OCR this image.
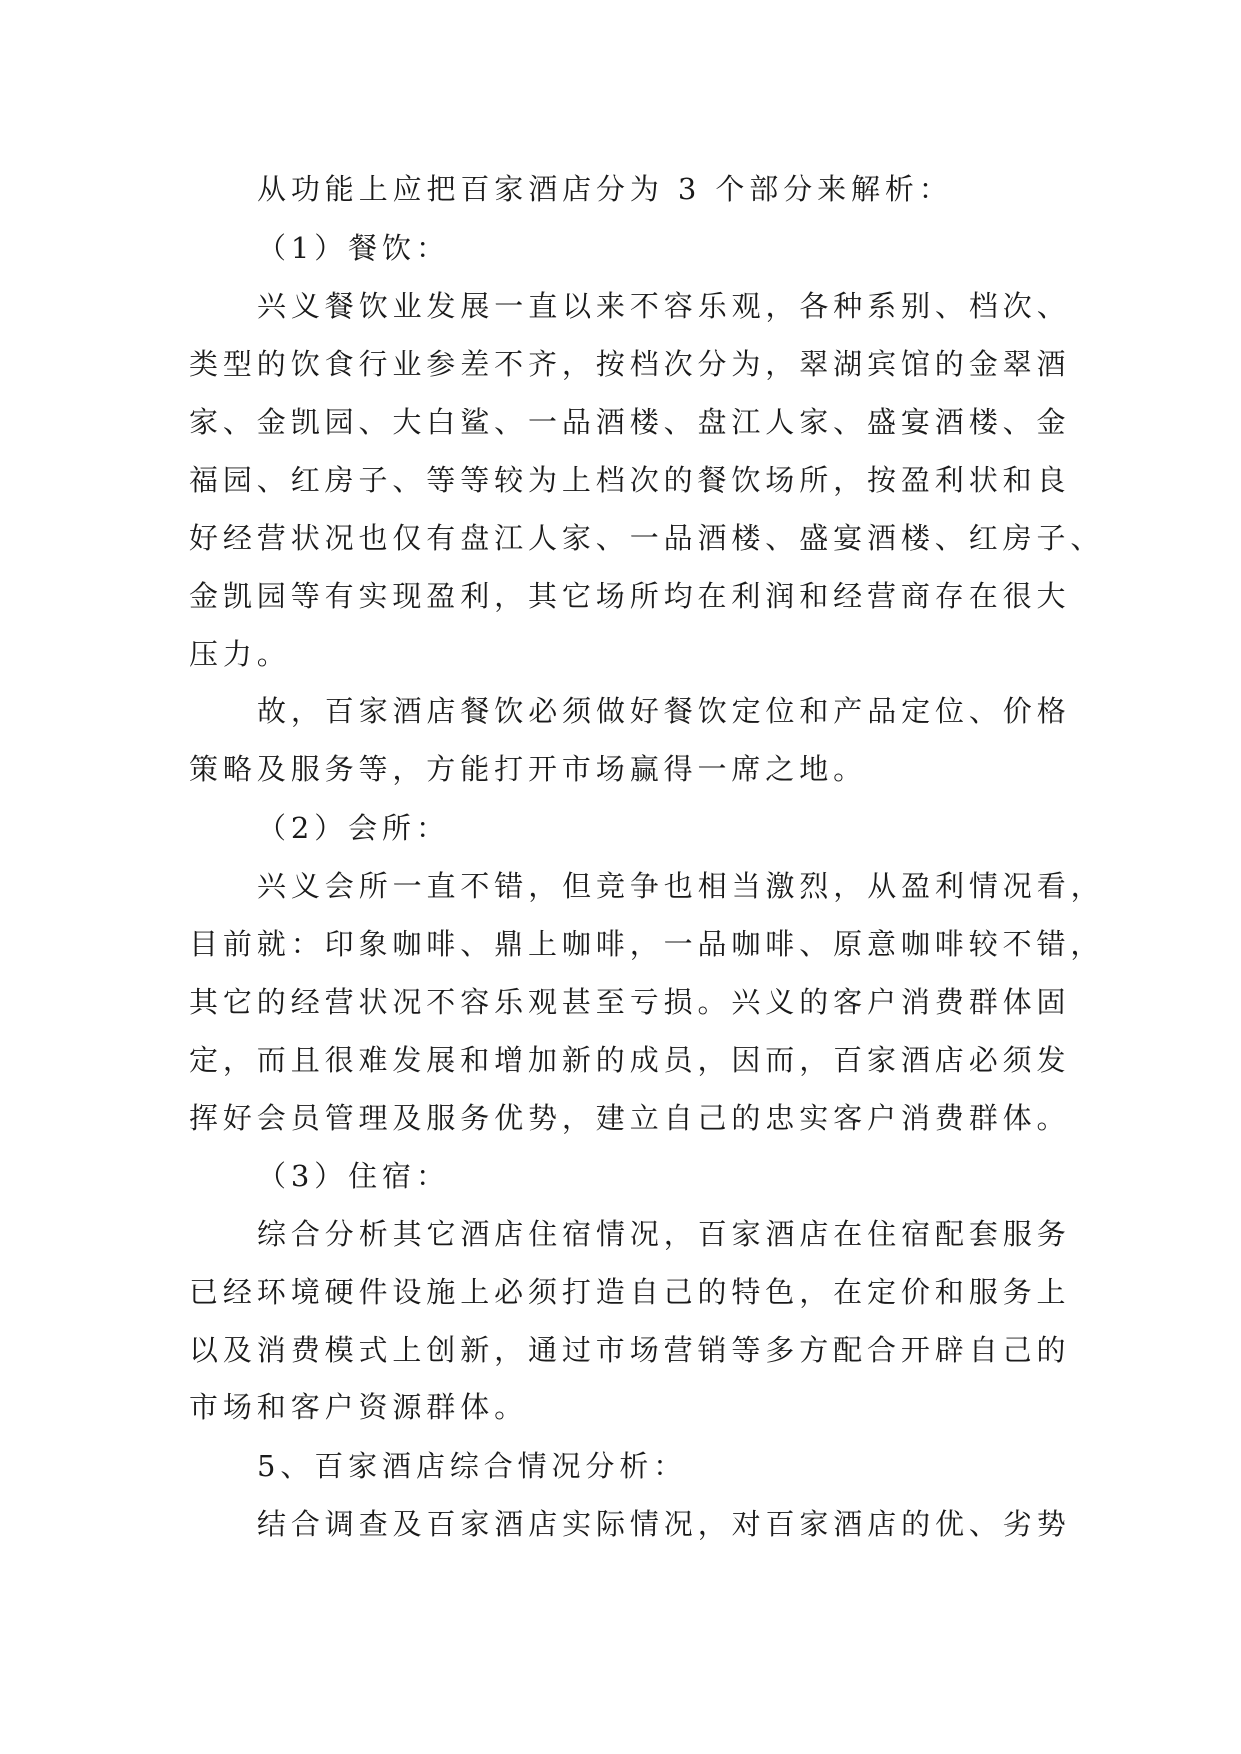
从功能上应把百家酒店分为 3 个部分来解析：
（1）餐饮：
兴义餐饮业发展一直以来不容乐观，各种系别、档次、
类型的饮食行业参差不齐，按档次分为，翠湖宾馆的金翠酒
家、金凯园、大白鲨、一品酒楼、盘江人家、盛宴酒楼、金
福园、红房子、等等较为上档次的餐饮场所，按盈利状和良
好经营状况也仅有盘江人家、一品酒楼、盛宴酒楼、红房子、
金凯园等有实现盈利，其它场所均在利润和经营商存在很大
压力。
故，百家酒店餐饮必须做好餐饮定位和产品定位、价格
策略及服务等，方能打开市场赢得一席之地。
（2）会所：
兴义会所一直不错，但竞争也相当激烈，从盈利情况看，
目前就：印象咖啡、鼎上咖啡，一品咖啡、原意咖啡较不错，
其它的经营状况不容乐观甚至亏损。兴义的客户消费群体固
定，而且很难发展和增加新的成员，因而，百家酒店必须发
挥好会员管理及服务优势，建立自己的忠实客户消费群体。
（3）住宿：
综合分析其它酒店住宿情况，百家酒店在住宿配套服务
已经环境硬件设施上必须打造自己的特色，在定价和服务上
以及消费模式上创新，通过市场营销等多方配合开辟自己的
市场和客户资源群体。
5、百家酒店综合情况分析：
结合调查及百家酒店实际情况，对百家酒店的优、劣势
